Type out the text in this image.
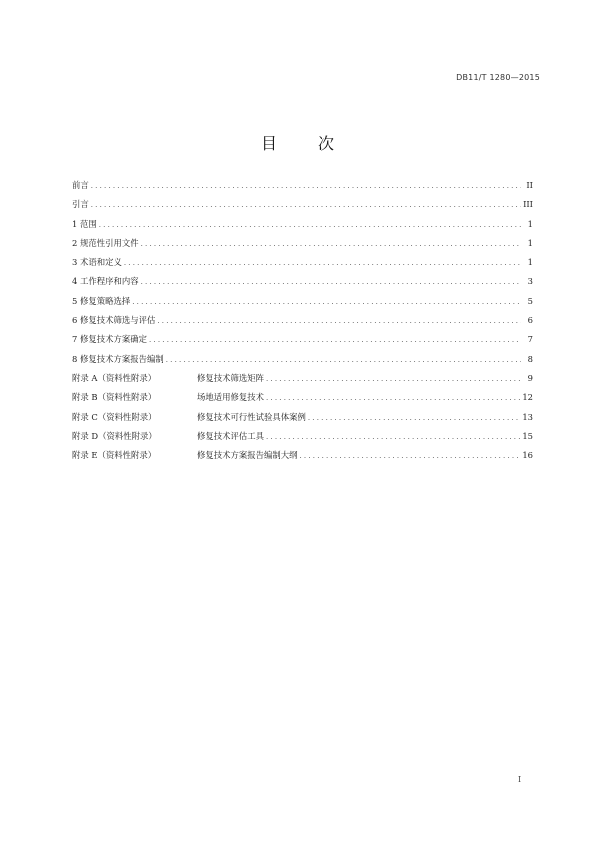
DB11/T 1280—2015
目 次
前言 .....	II
引言 .....	III
1 范围 .....	1
2 规范性引用文件 .....	1
3 术语和定义 .....	1
4 工作程序和内容 .....	3
5 修复策略选择 .....	5
6 修复技术筛选与评估 .....	6
7 修复技术方案确定 .....	7
8 修复技术方案报告编制 .....	8
附录 A（资料性附录）	修复技术筛选矩阵 .....	9
附录 B（资料性附录）	场地适用修复技术 .....	12
附录 C（资料性附录）	修复技术可行性试验具体案例 .....	13
附录 D（资料性附录）	修复技术评估工具 .....	15
附录 E（资料性附录）	修复技术方案报告编制大纲 .....	16
I
